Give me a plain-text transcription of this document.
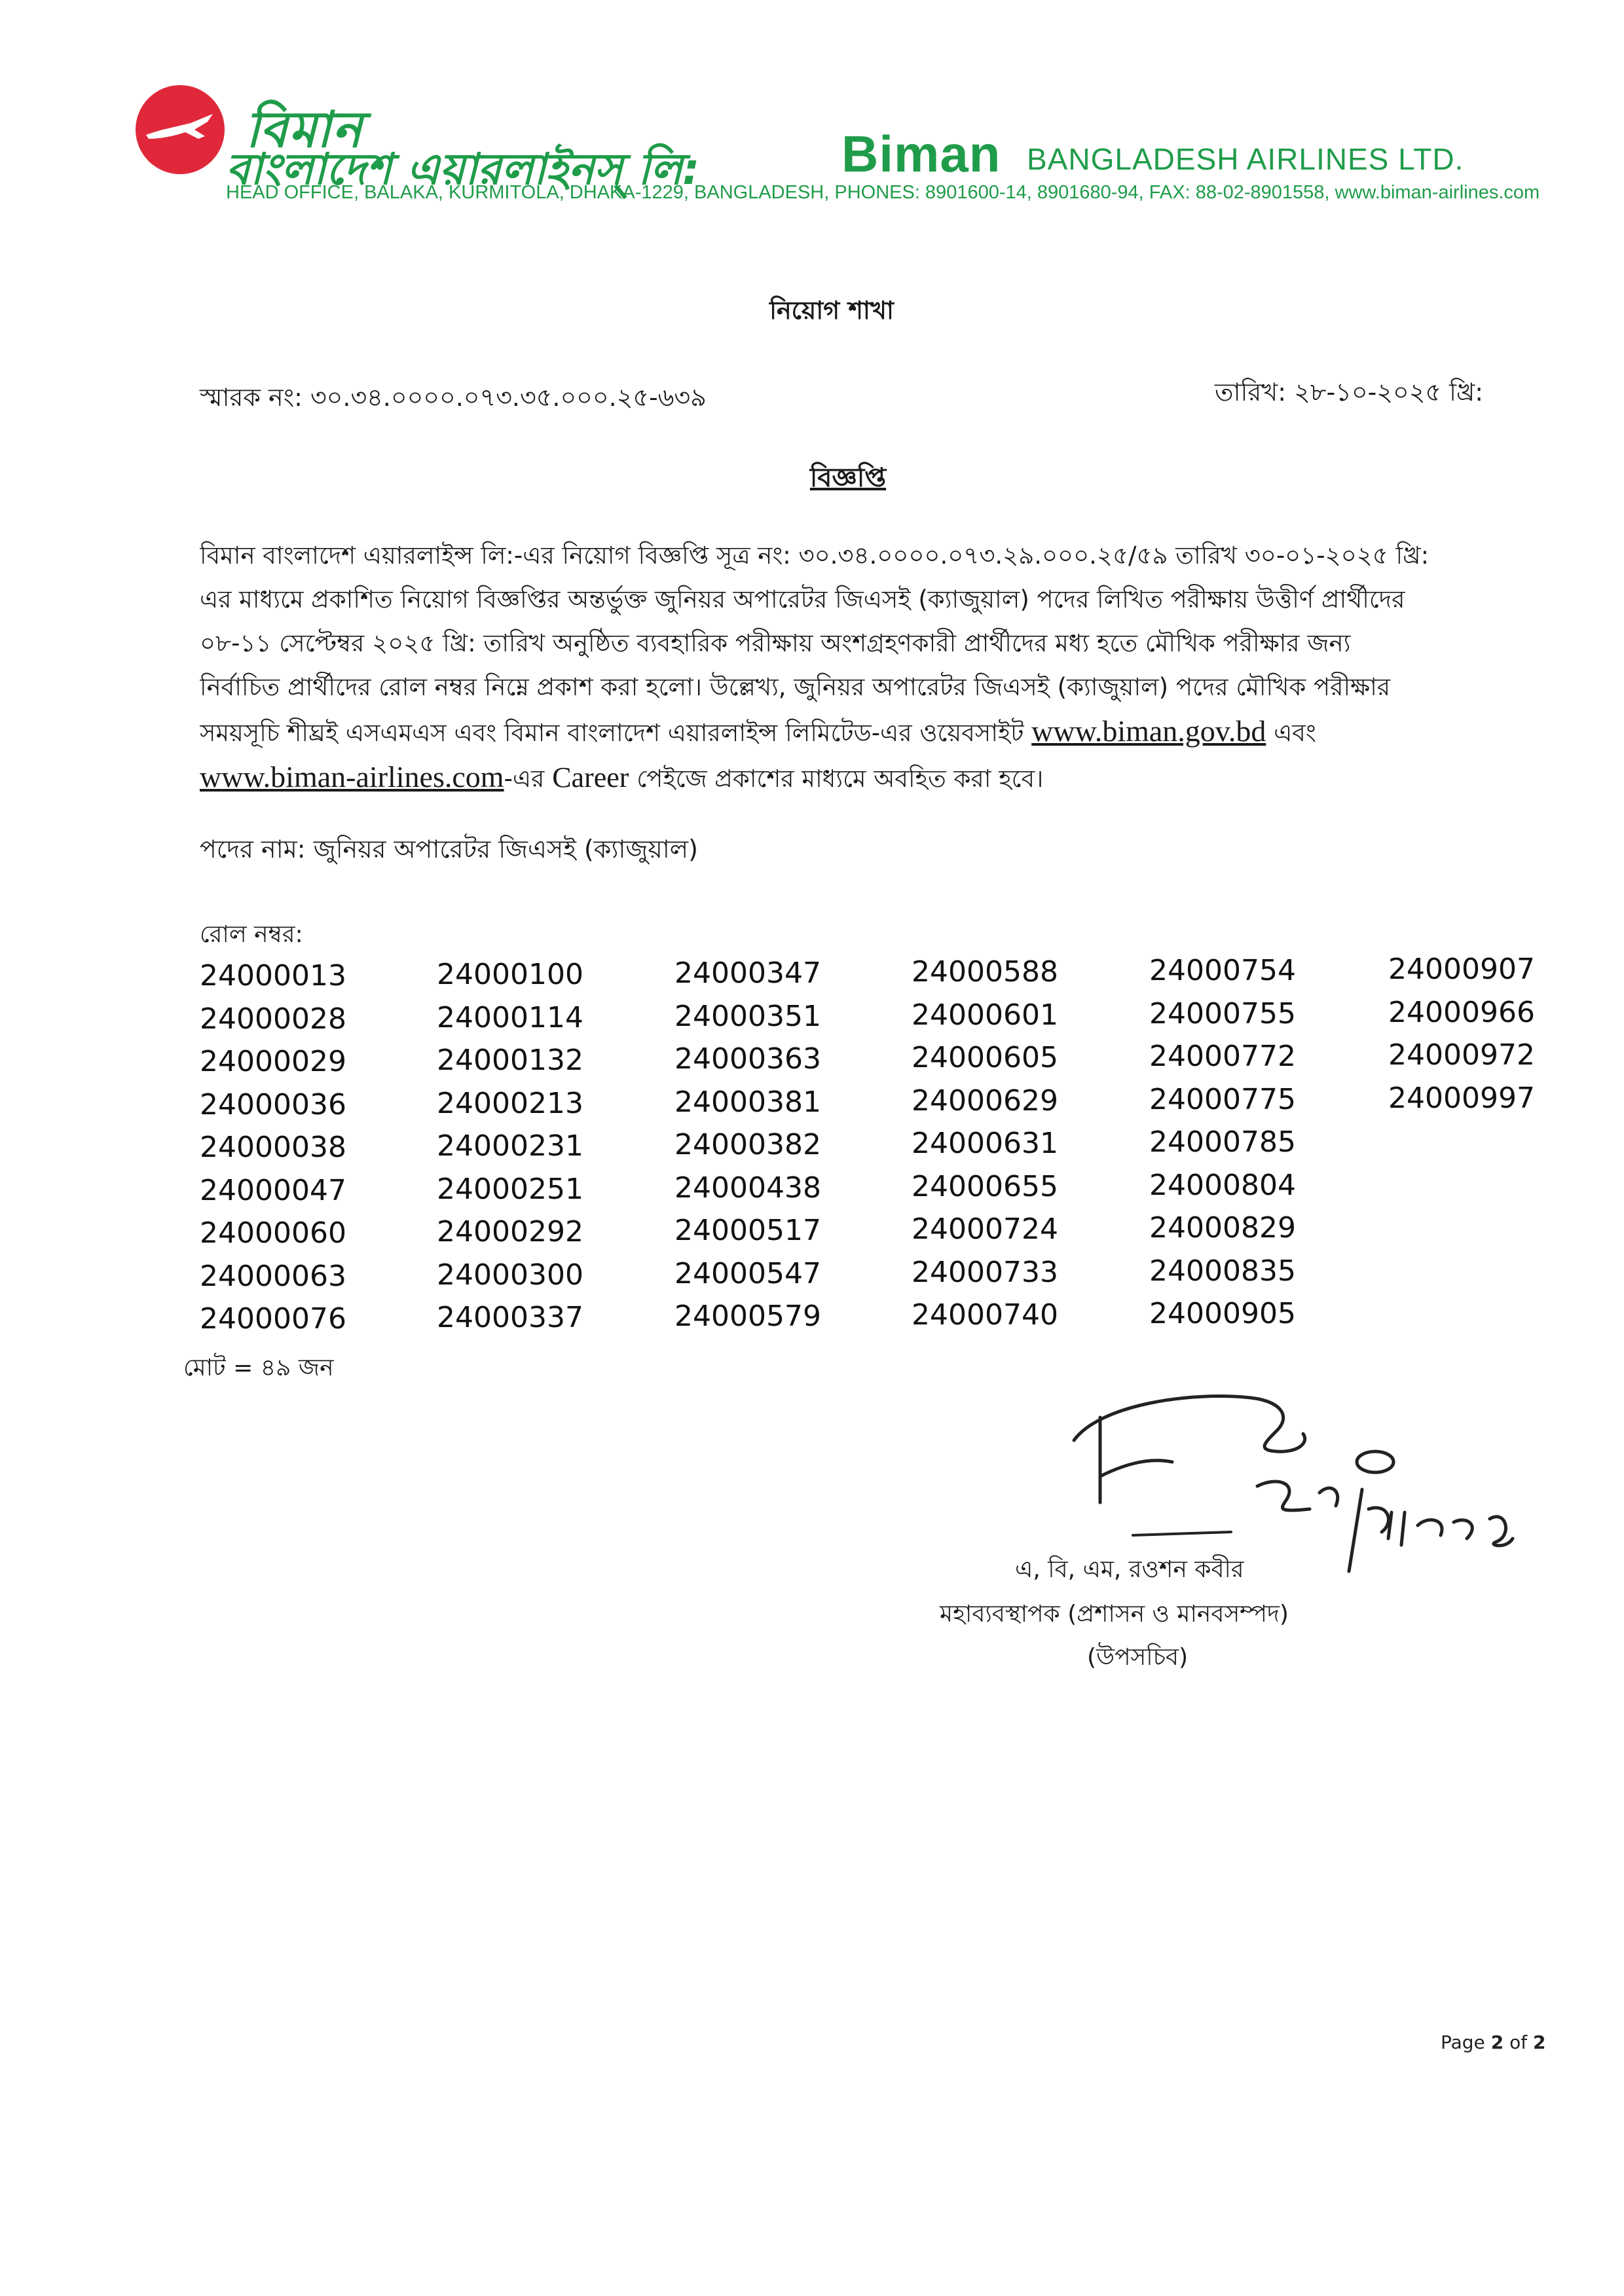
বিমান
বাংলাদেশ এয়ারলাইনস্ লি:	Biman BANGLADESH AIRLINES LTD.
HEAD OFFICE, BALAKA, KURMITOLA, DHAKA-1229, BANGLADESH, PHONES: 8901600-14, 8901680-94, FAX: 88-02-8901558, www.biman-airlines.com
নিয়োগ শাখা
স্মারক নং: ৩০.৩৪.০০০০.০৭৩.৩৫.০০০.২৫-৬৩৯	তারিখ: ২৮-১০-২০২৫ খ্রি:
বিজ্ঞপ্তি
বিমান বাংলাদেশ এয়ারলাইন্স লি:-এর নিয়োগ বিজ্ঞপ্তি সূত্র নং: ৩০.৩৪.০০০০.০৭৩.২৯.০০০.২৫/৫৯ তারিখ ৩০-০১-২০২৫ খ্রি:
এর মাধ্যমে প্রকাশিত নিয়োগ বিজ্ঞপ্তির অন্তর্ভুক্ত জুনিয়র অপারেটর জিএসই (ক্যাজুয়াল) পদের লিখিত পরীক্ষায় উত্তীর্ণ প্রার্থীদের
০৮-১১ সেপ্টেম্বর ২০২৫ খ্রি: তারিখ অনুষ্ঠিত ব্যবহারিক পরীক্ষায় অংশগ্রহণকারী প্রার্থীদের মধ্য হতে মৌখিক পরীক্ষার জন্য
নির্বাচিত প্রার্থীদের রোল নম্বর নিম্নে প্রকাশ করা হলো। উল্লেখ্য, জুনিয়র অপারেটর জিএসই (ক্যাজুয়াল) পদের মৌখিক পরীক্ষার
সময়সূচি শীঘ্রই এসএমএস এবং বিমান বাংলাদেশ এয়ারলাইন্স লিমিটেড-এর ওয়েবসাইট www.biman.gov.bd এবং
www.biman-airlines.com-এর Career পেইজে প্রকাশের মাধ্যমে অবহিত করা হবে।
পদের নাম: জুনিয়র অপারেটর জিএসই (ক্যাজুয়াল)
রোল নম্বর:
24000013
24000028
24000029
24000036
24000038
24000047
24000060
24000063
24000076
24000100
24000114
24000132
24000213
24000231
24000251
24000292
24000300
24000337
24000347
24000351
24000363
24000381
24000382
24000438
24000517
24000547
24000579
24000588
24000601
24000605
24000629
24000631
24000655
24000724
24000733
24000740
24000754
24000755
24000772
24000775
24000785
24000804
24000829
24000835
24000905
24000907
24000966
24000972
24000997
মোট = ৪৯ জন
এ, বি, এম, রওশন কবীর
মহাব্যবস্থাপক (প্রশাসন ও মানবসম্পদ)
(উপসচিব)
Page 2 of 2
